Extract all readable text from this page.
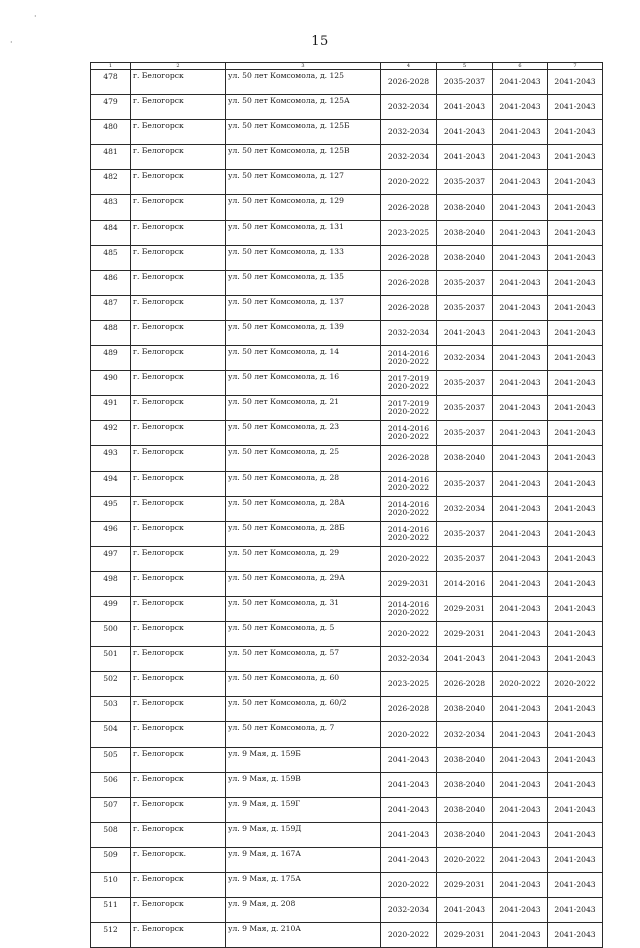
·
·	15
1	2	3	4	5	6	7
478	г. Белогорск	ул. 50 лет Комсомола, д. 125	2026-2028	2035-2037	2041-2043	2041-2043
479	г. Белогорск	ул. 50 лет Комсомола, д. 125А	2032-2034	2041-2043	2041-2043	2041-2043
480	г. Белогорск	ул. 50 лет Комсомола, д. 125Б	2032-2034	2041-2043	2041-2043	2041-2043
481	г. Белогорск	ул. 50 лет Комсомола, д. 125В	2032-2034	2041-2043	2041-2043	2041-2043
482	г. Белогорск	ул. 50 лет Комсомола, д. 127	2020-2022	2035-2037	2041-2043	2041-2043
483	г. Белогорск	ул. 50 лет Комсомола, д. 129	2026-2028	2038-2040	2041-2043	2041-2043
484	г. Белогорск	ул. 50 лет Комсомола, д. 131	2023-2025	2038-2040	2041-2043	2041-2043
485	г. Белогорск	ул. 50 лет Комсомола, д. 133	2026-2028	2038-2040	2041-2043	2041-2043
486	г. Белогорск	ул. 50 лет Комсомола, д. 135	2026-2028	2035-2037	2041-2043	2041-2043
487	г. Белогорск	ул. 50 лет Комсомола, д. 137	2026-2028	2035-2037	2041-2043	2041-2043
488	г. Белогорск	ул. 50 лет Комсомола, д. 139	2032-2034	2041-2043	2041-2043	2041-2043
489	г. Белогорск	ул. 50 лет Комсомола, д. 14	2014-2016
2020-2022	2032-2034	2041-2043	2041-2043
490	г. Белогорск	ул. 50 лет Комсомола, д. 16	2017-2019
2020-2022	2035-2037	2041-2043	2041-2043
491	г. Белогорск	ул. 50 лет Комсомола, д. 21	2017-2019
2020-2022	2035-2037	2041-2043	2041-2043
492	г. Белогорск	ул. 50 лет Комсомола, д. 23	2014-2016
2020-2022	2035-2037	2041-2043	2041-2043
493	г. Белогорск	ул. 50 лет Комсомола, д. 25	2026-2028	2038-2040	2041-2043	2041-2043
494	г. Белогорск	ул. 50 лет Комсомола, д. 28	2014-2016
2020-2022	2035-2037	2041-2043	2041-2043
495	г. Белогорск	ул. 50 лет Комсомола, д. 28А	2014-2016
2020-2022	2032-2034	2041-2043	2041-2043
496	г. Белогорск	ул. 50 лет Комсомола, д. 28Б	2014-2016
2020-2022	2035-2037	2041-2043	2041-2043
497	г. Белогорск	ул. 50 лет Комсомола, д. 29	2020-2022	2035-2037	2041-2043	2041-2043
498	г. Белогорск	ул. 50 лет Комсомола, д. 29А	2029-2031	2014-2016	2041-2043	2041-2043
499	г. Белогорск	ул. 50 лет Комсомола, д. 31	2014-2016
2020-2022	2029-2031	2041-2043	2041-2043
500	г. Белогорск	ул. 50 лет Комсомола, д. 5	2020-2022	2029-2031	2041-2043	2041-2043
501	г. Белогорск	ул. 50 лет Комсомола, д. 57	2032-2034	2041-2043	2041-2043	2041-2043
502	г. Белогорск	ул. 50 лет Комсомола, д. 60	2023-2025	2026-2028	2020-2022	2020-2022
503	г. Белогорск	ул. 50 лет Комсомола, д. 60/2	2026-2028	2038-2040	2041-2043	2041-2043
504	г. Белогорск	ул. 50 лет Комсомола, д. 7	2020-2022	2032-2034	2041-2043	2041-2043
505	г. Белогорск	ул. 9 Мая, д. 159Б	2041-2043	2038-2040	2041-2043	2041-2043
506	г. Белогорск	ул. 9 Мая, д. 159В	2041-2043	2038-2040	2041-2043	2041-2043
507	г. Белогорск	ул. 9 Мая, д. 159Г	2041-2043	2038-2040	2041-2043	2041-2043
508	г. Белогорск	ул. 9 Мая, д. 159Д	2041-2043	2038-2040	2041-2043	2041-2043
509	г. Белогорск.	ул. 9 Мая, д. 167А	2041-2043	2020-2022	2041-2043	2041-2043
510	г. Белогорск	ул. 9 Мая, д. 175А	2020-2022	2029-2031	2041-2043	2041-2043
511	г. Белогорск	ул. 9 Мая, д. 208	2032-2034	2041-2043	2041-2043	2041-2043
512	г. Белогорск	ул. 9 Мая, д. 210А	2020-2022	2029-2031	2041-2043	2041-2043
